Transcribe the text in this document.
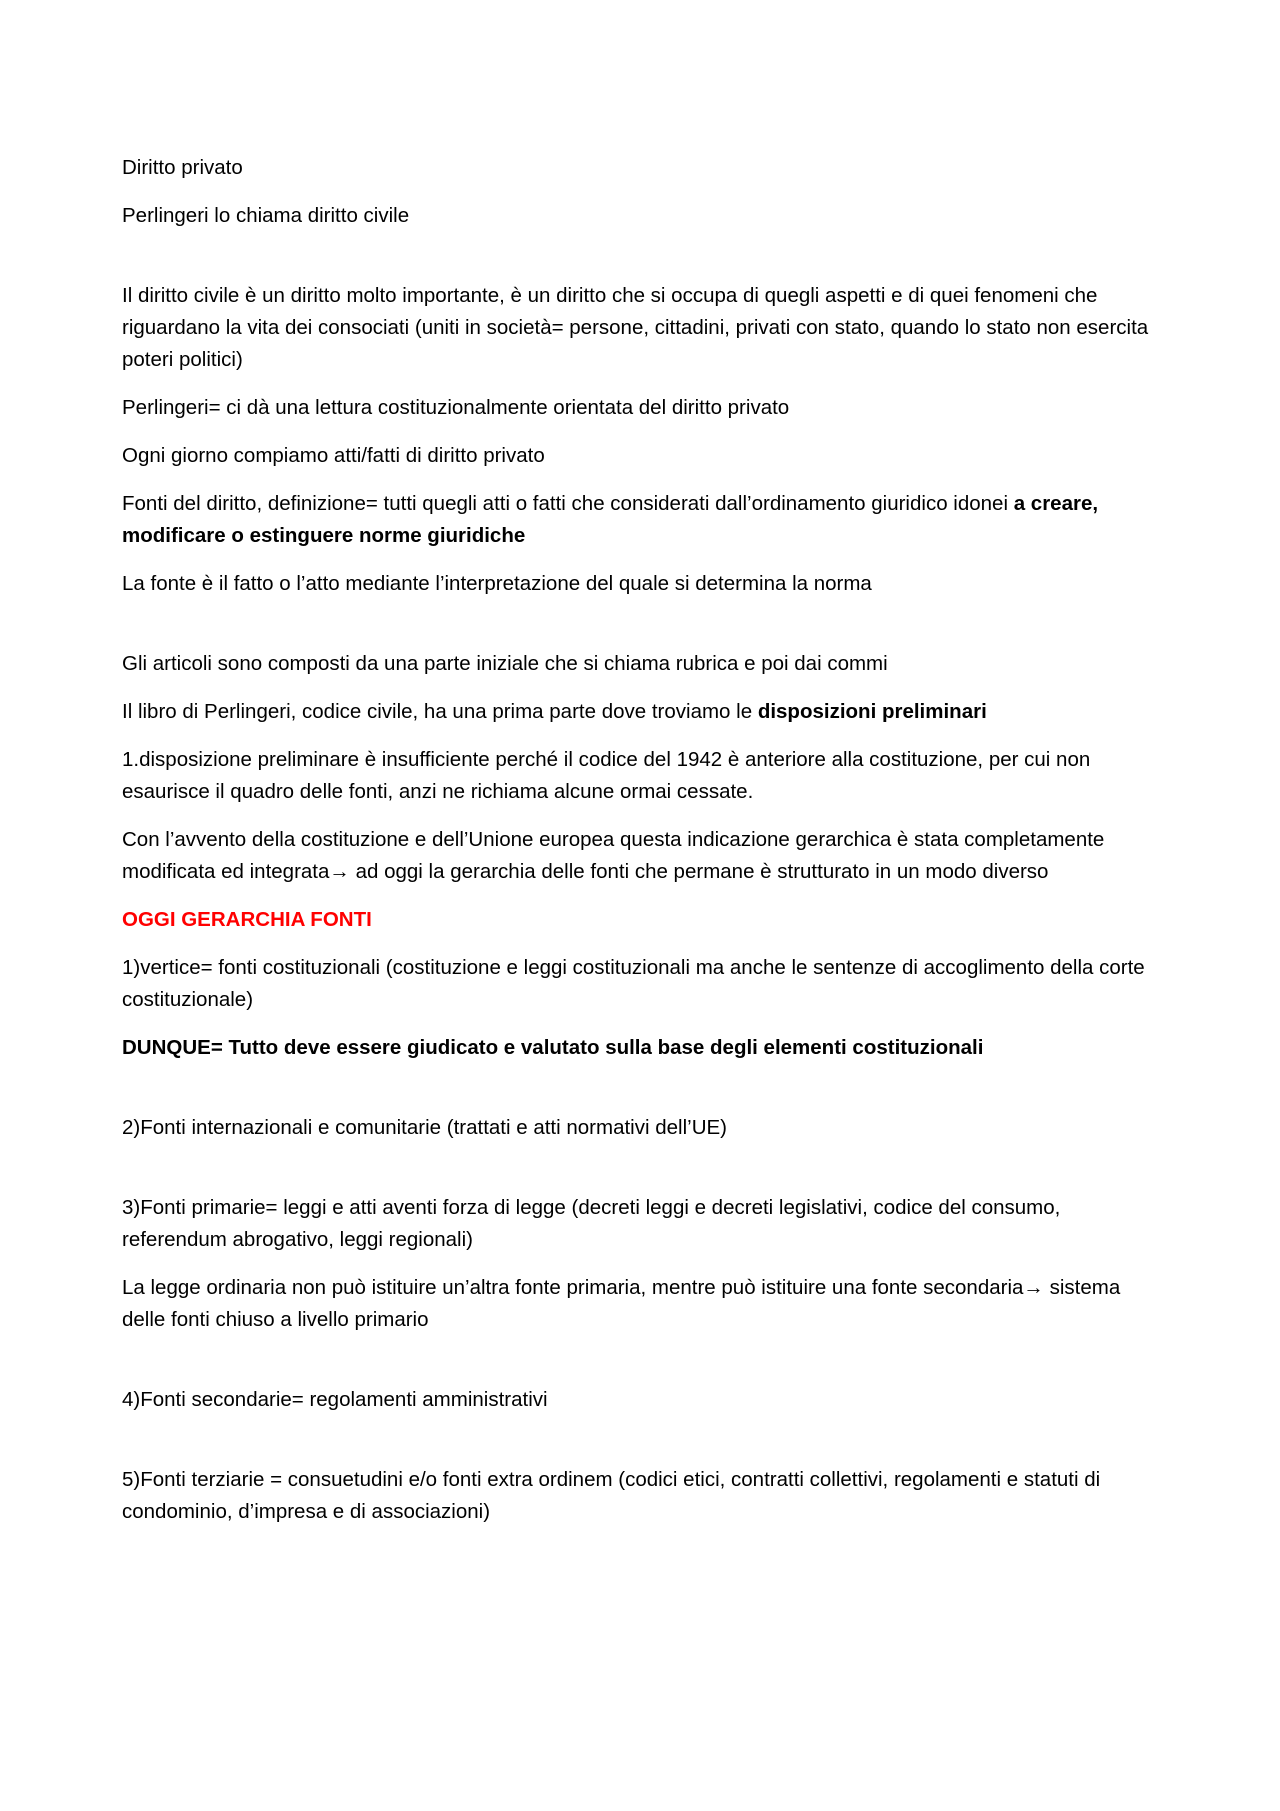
Diritto privato

Perlingeri lo chiama diritto civile

Il diritto civile è un diritto molto importante, è un diritto che si occupa di quegli aspetti e di quei fenomeni che riguardano la vita dei consociati (uniti in società= persone, cittadini, privati con stato, quando lo stato non esercita poteri politici)

Perlingeri= ci dà una lettura costituzionalmente orientata del diritto privato

Ogni giorno compiamo atti/fatti di diritto privato

Fonti del diritto, definizione= tutti quegli atti o fatti che considerati dall’ordinamento giuridico idonei a creare, modificare o estinguere norme giuridiche

La fonte è il fatto o l’atto mediante l’interpretazione del quale si determina la norma

Gli articoli sono composti da una parte iniziale che si chiama rubrica e poi dai commi

Il libro di Perlingeri, codice civile, ha una prima parte dove troviamo le disposizioni preliminari

1.disposizione preliminare è insufficiente perché il codice del 1942 è anteriore alla costituzione, per cui non esaurisce il quadro delle fonti, anzi ne richiama alcune ormai cessate.

Con l’avvento della costituzione e dell’Unione europea questa indicazione gerarchica è stata completamente modificata ed integrata→ ad oggi la gerarchia delle fonti che permane è strutturato in un modo diverso

OGGI GERARCHIA FONTI

1)vertice= fonti costituzionali (costituzione e leggi costituzionali ma anche le sentenze di accoglimento della corte costituzionale)

DUNQUE= Tutto deve essere giudicato e valutato sulla base degli elementi costituzionali

2)Fonti internazionali e comunitarie (trattati e atti normativi dell’UE)

3)Fonti primarie= leggi e atti aventi forza di legge (decreti leggi e decreti legislativi, codice del consumo, referendum abrogativo, leggi regionali)

La legge ordinaria non può istituire un’altra fonte primaria, mentre può istituire una fonte secondaria→ sistema delle fonti chiuso a livello primario

4)Fonti secondarie= regolamenti amministrativi

5)Fonti terziarie = consuetudini e/o fonti extra ordinem (codici etici, contratti collettivi, regolamenti e statuti di condominio, d’impresa e di associazioni)
